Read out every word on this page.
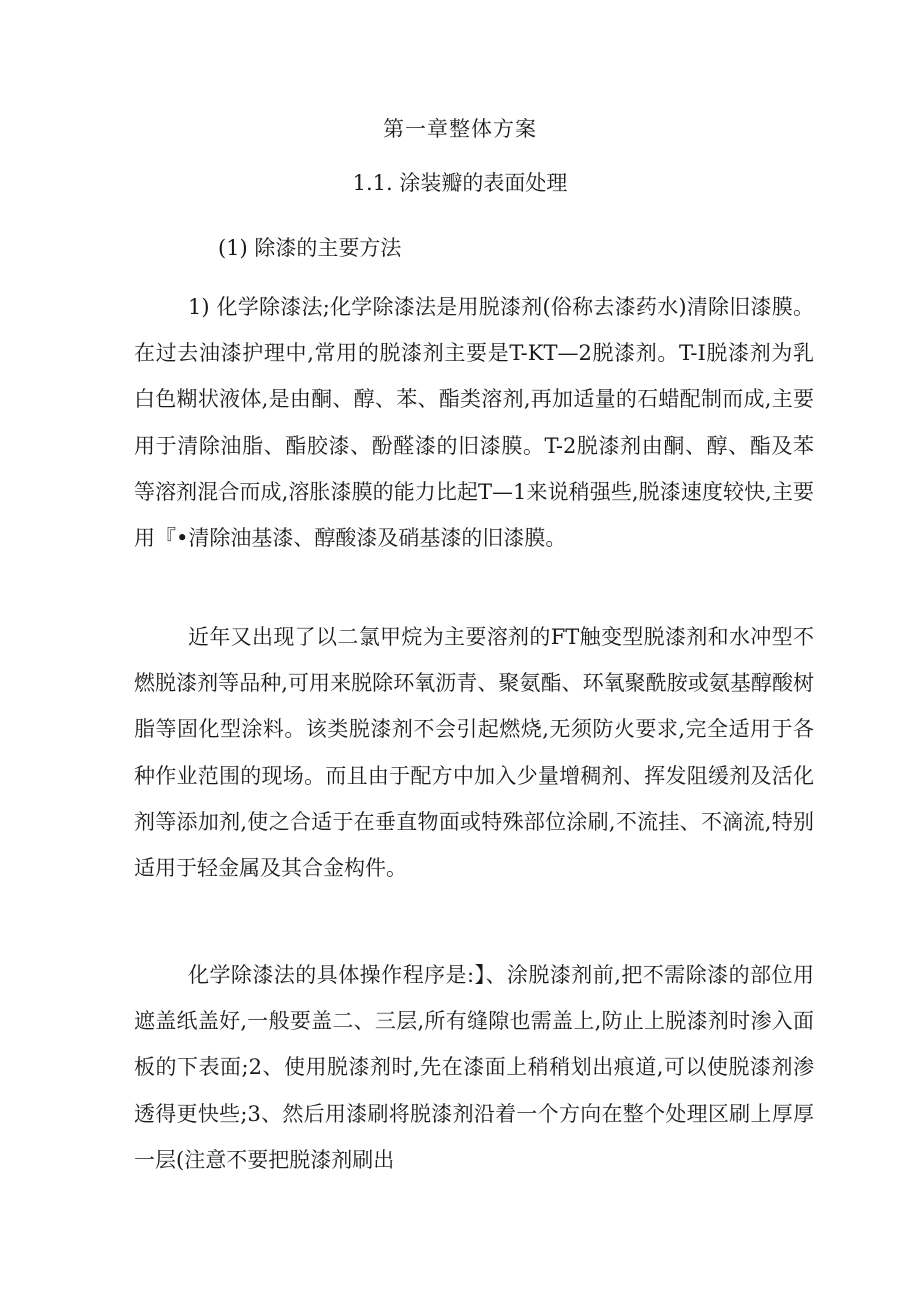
第一章整体方案
1.1. 涂装瓣的表面处理
(1) 除漆的主要方法

1) 化学除漆法;化学除漆法是用脱漆剂(俗称去漆药水)清除旧漆膜。在过去油漆护理中,常用的脱漆剂主要是T-KT—2脱漆剂。T-I脱漆剂为乳白色糊状液体,是由酮、醇、苯、酯类溶剂,再加适量的石蜡配制而成,主要用于清除油脂、酯胶漆、酚醛漆的旧漆膜。T-2脱漆剂由酮、醇、酯及苯等溶剂混合而成,溶胀漆膜的能力比起T—1来说稍强些,脱漆速度较快,主要用『•清除油基漆、醇酸漆及硝基漆的旧漆膜。

近年又出现了以二氯甲烷为主要溶剂的FT触变型脱漆剂和水冲型不燃脱漆剂等品种,可用来脱除环氧沥青、聚氨酯、环氧聚酰胺或氨基醇酸树脂等固化型涂料。该类脱漆剂不会引起燃烧,无须防火要求,完全适用于各种作业范围的现场。而且由于配方中加入少量增稠剂、挥发阻缓剂及活化剂等添加剂,使之合适于在垂直物面或特殊部位涂刷,不流挂、不滴流,特别适用于轻金属及其合金构件。

化学除漆法的具体操作程序是:】、涂脱漆剂前,把不需除漆的部位用遮盖纸盖好,一般要盖二、三层,所有缝隙也需盖上,防止上脱漆剂时渗入面板的下表面;2、使用脱漆剂时,先在漆面上稍稍划出痕道,可以使脱漆剂渗透得更快些;3、然后用漆刷将脱漆剂沿着一个方向在整个处理区刷上厚厚一层(注意不要把脱漆剂刷出
